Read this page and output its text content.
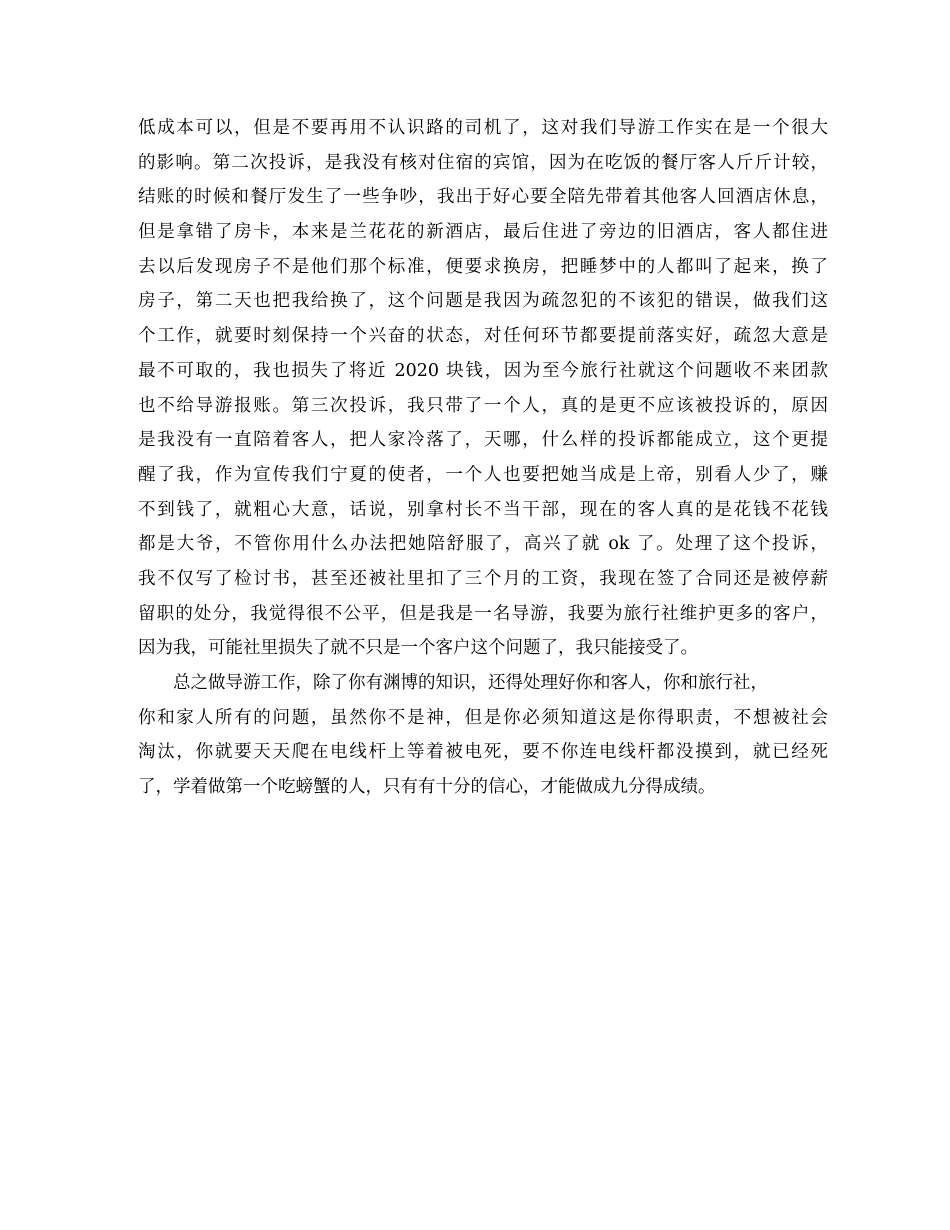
低成本可以，但是不要再用不认识路的司机了，这对我们导游工作实在是一个很大
的影响。第二次投诉，是我没有核对住宿的宾馆，因为在吃饭的餐厅客人斤斤计较，
结账的时候和餐厅发生了一些争吵，我出于好心要全陪先带着其他客人回酒店休息，
但是拿错了房卡，本来是兰花花的新酒店，最后住进了旁边的旧酒店，客人都住进
去以后发现房子不是他们那个标准，便要求换房，把睡梦中的人都叫了起来，换了
房子，第二天也把我给换了，这个问题是我因为疏忽犯的不该犯的错误，做我们这
个工作，就要时刻保持一个兴奋的状态，对任何环节都要提前落实好，疏忽大意是
最不可取的，我也损失了将近 2020 块钱，因为至今旅行社就这个问题收不来团款
也不给导游报账。第三次投诉，我只带了一个人，真的是更不应该被投诉的，原因
是我没有一直陪着客人，把人家冷落了，天哪，什么样的投诉都能成立，这个更提
醒了我，作为宣传我们宁夏的使者，一个人也要把她当成是上帝，别看人少了，赚
不到钱了，就粗心大意，话说，别拿村长不当干部，现在的客人真的是花钱不花钱
都是大爷，不管你用什么办法把她陪舒服了，高兴了就 ok 了。处理了这个投诉，
我不仅写了检讨书，甚至还被社里扣了三个月的工资，我现在签了合同还是被停薪
留职的处分，我觉得很不公平，但是我是一名导游，我要为旅行社维护更多的客户，
因为我，可能社里损失了就不只是一个客户这个问题了，我只能接受了。
总之做导游工作，除了你有渊博的知识，还得处理好你和客人，你和旅行社，
你和家人所有的问题，虽然你不是神，但是你必须知道这是你得职责，不想被社会
淘汰，你就要天天爬在电线杆上等着被电死，要不你连电线杆都没摸到，就已经死
了，学着做第一个吃螃蟹的人，只有有十分的信心，才能做成九分得成绩。
